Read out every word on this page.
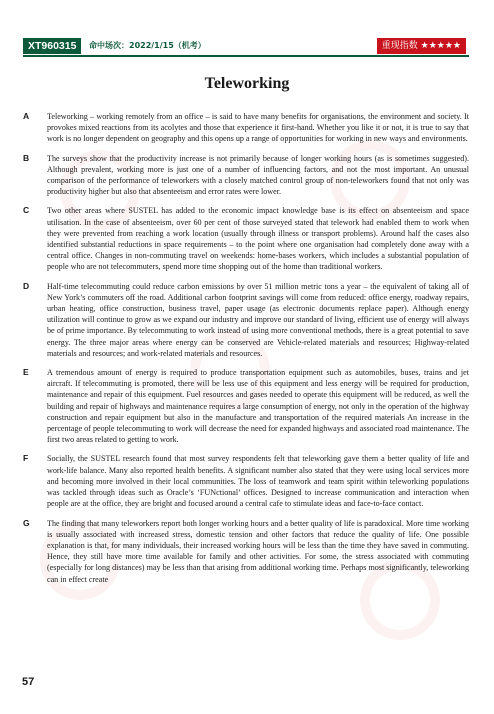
XT960315	命中场次：2022/1/15（机考）	重现指数 ★★★★★
Teleworking
A	Teleworking – working remotely from an office – is said to have many benefits for organisations, the environment and society. It provokes mixed reactions from its acolytes and those that experience it first-hand. Whether you like it or not, it is true to say that work is no longer dependent on geography and this opens up a range of opportunities for working in new ways and environments.
B	The surveys show that the productivity increase is not primarily because of longer working hours (as is sometimes suggested). Although prevalent, working more is just one of a number of influencing factors, and not the most important. An unusual comparison of the performance of teleworkers with a closely matched control group of non-teleworkers found that not only was productivity higher but also that absenteeism and error rates were lower.
C	Two other areas where SUSTEL has added to the economic impact knowledge base is its effect on absenteeism and space utilisation. In the case of absenteeism, over 60 per cent of those surveyed stated that telework had enabled them to work when they were prevented from reaching a work location (usually through illness or transport problems). Around half the cases also identified substantial reductions in space requirements – to the point where one organisation had completely done away with a central office. Changes in non-commuting travel on weekends: home-bases workers, which includes a substantial population of people who are not telecommuters, spend more time shopping out of the home than traditional workers.
D	Half-time telecommuting could reduce carbon emissions by over 51 million metric tons a year – the equivalent of taking all of New York’s commuters off the road. Additional carbon footprint savings will come from reduced: office energy, roadway repairs, urban heating, office construction, business travel, paper usage (as electronic documents replace paper). Although energy utilization will continue to grow as we expand our industry and improve our standard of living, efficient use of energy will always be of prime importance. By telecommuting to work instead of using more conventional methods, there is a great potential to save energy. The three major areas where energy can be conserved are Vehicle-related materials and resources; Highway-related materials and resources; and work-related materials and resources.
E	A tremendous amount of energy is required to produce transportation equipment such as automobiles, buses, trains and jet aircraft. If telecommuting is promoted, there will be less use of this equipment and less energy will be required for production, maintenance and repair of this equipment. Fuel resources and gases needed to operate this equipment will be reduced, as well the building and repair of highways and maintenance requires a large consumption of energy, not only in the operation of the highway construction and repair equipment but also in the manufacture and transportation of the required materials An increase in the percentage of people telecommuting to work will decrease the need for expanded highways and associated road maintenance. The first two areas related to getting to work.
F	Socially, the SUSTEL research found that most survey respondents felt that teleworking gave them a better quality of life and work-life balance. Many also reported health benefits. A significant number also stated that they were using local services more and becoming more involved in their local communities. The loss of teamwork and team spirit within teleworking populations was tackled through ideas such as Oracle’s ‘FUNctional’ offices. Designed to increase communication and interaction when people are at the office, they are bright and focused around a central cafe to stimulate ideas and face-to-face contact.
G	The finding that many teleworkers report both longer working hours and a better quality of life is paradoxical. More time working is usually associated with increased stress, domestic tension and other factors that reduce the quality of life. One possible explanation is that, for many individuals, their increased working hours will be less than the time they have saved in commuting. Hence, they still have more time available for family and other activities. For some, the stress associated with commuting (especially for long distances) may be less than that arising from additional working time. Perhaps most significantly, teleworking can in effect create
57
